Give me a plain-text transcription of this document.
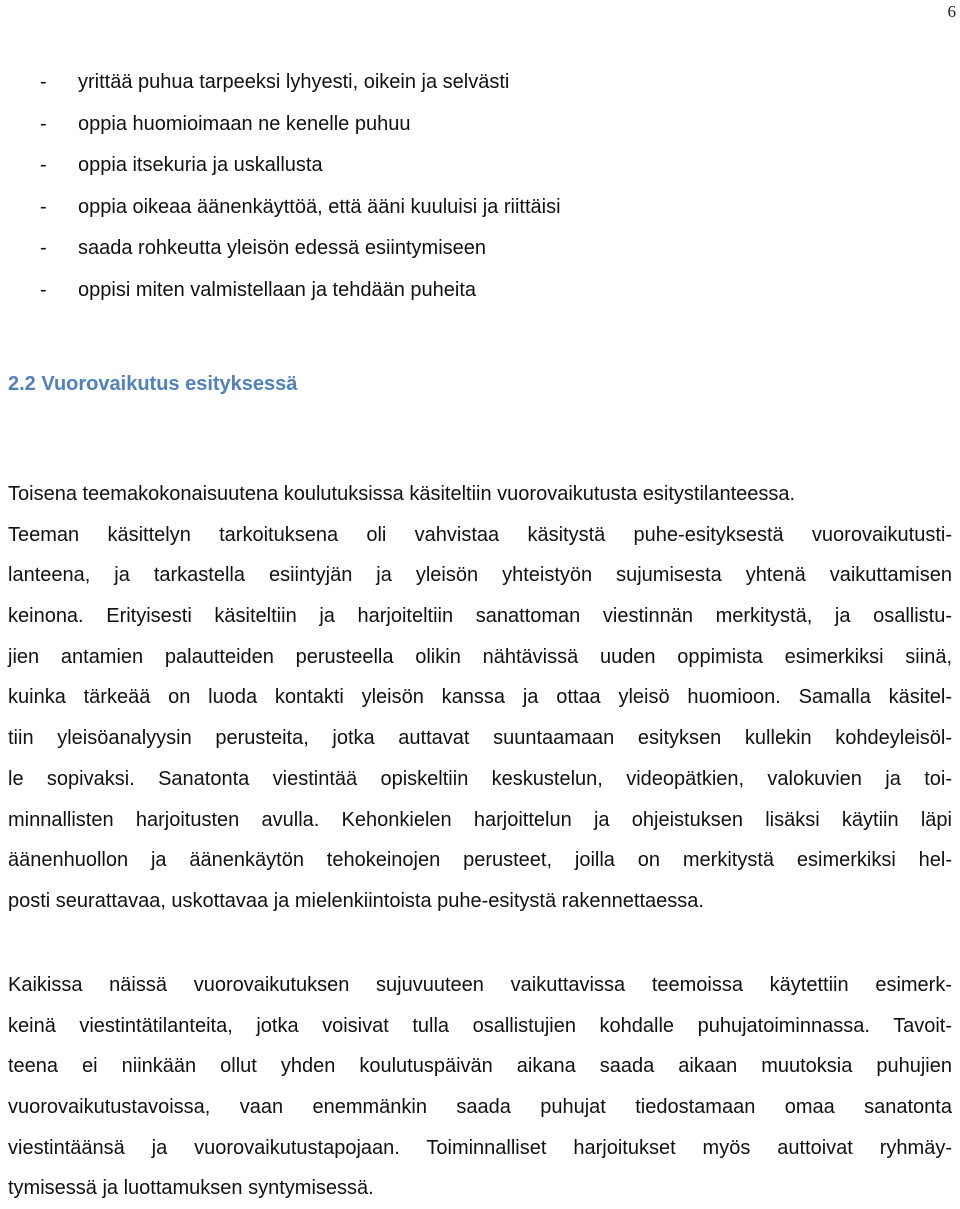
6
-	yrittää puhua tarpeeksi lyhyesti, oikein ja selvästi
-	oppia huomioimaan ne kenelle puhuu
-	oppia itsekuria ja uskallusta
-	oppia oikeaa äänenkäyttöä, että ääni kuuluisi ja riittäisi
-	saada rohkeutta yleisön edessä esiintymiseen
-	oppisi miten valmistellaan ja tehdään puheita
2.2 Vuorovaikutus esityksessä
Toisena teemakokonaisuutena koulutuksissa käsiteltiin vuorovaikutusta esitystilanteessa.
Teeman käsittelyn tarkoituksena oli vahvistaa käsitystä puhe-esityksestä vuorovaikutusti-
lanteena, ja tarkastella esiintyjän ja yleisön yhteistyön sujumisesta yhtenä vaikuttamisen
keinona. Erityisesti käsiteltiin ja harjoiteltiin sanattoman viestinnän merkitystä, ja osallistu-
jien antamien palautteiden perusteella olikin nähtävissä uuden oppimista esimerkiksi siinä,
kuinka tärkeää on luoda kontakti yleisön kanssa ja ottaa yleisö huomioon. Samalla käsitel-
tiin yleisöanalyysin perusteita, jotka auttavat suuntaamaan esityksen kullekin kohdeyleisöl-
le sopivaksi. Sanatonta viestintää opiskeltiin keskustelun, videopätkien, valokuvien ja toi-
minnallisten harjoitusten avulla. Kehonkielen harjoittelun ja ohjeistuksen lisäksi käytiin läpi
äänenhuollon ja äänenkäytön tehokeinojen perusteet, joilla on merkitystä esimerkiksi hel-
posti seurattavaa, uskottavaa ja mielenkiintoista puhe-esitystä rakennettaessa.
Kaikissa näissä vuorovaikutuksen sujuvuuteen vaikuttavissa teemoissa käytettiin esimerk-
keinä viestintätilanteita, jotka voisivat tulla osallistujien kohdalle puhujatoiminnassa. Tavoit-
teena ei niinkään ollut yhden koulutuspäivän aikana saada aikaan muutoksia puhujien
vuorovaikutustavoissa, vaan enemmänkin saada puhujat tiedostamaan omaa sanatonta
viestintäänsä ja vuorovaikutustapojaan. Toiminnalliset harjoitukset myös auttoivat ryhmäy-
tymisessä ja luottamuksen syntymisessä.
